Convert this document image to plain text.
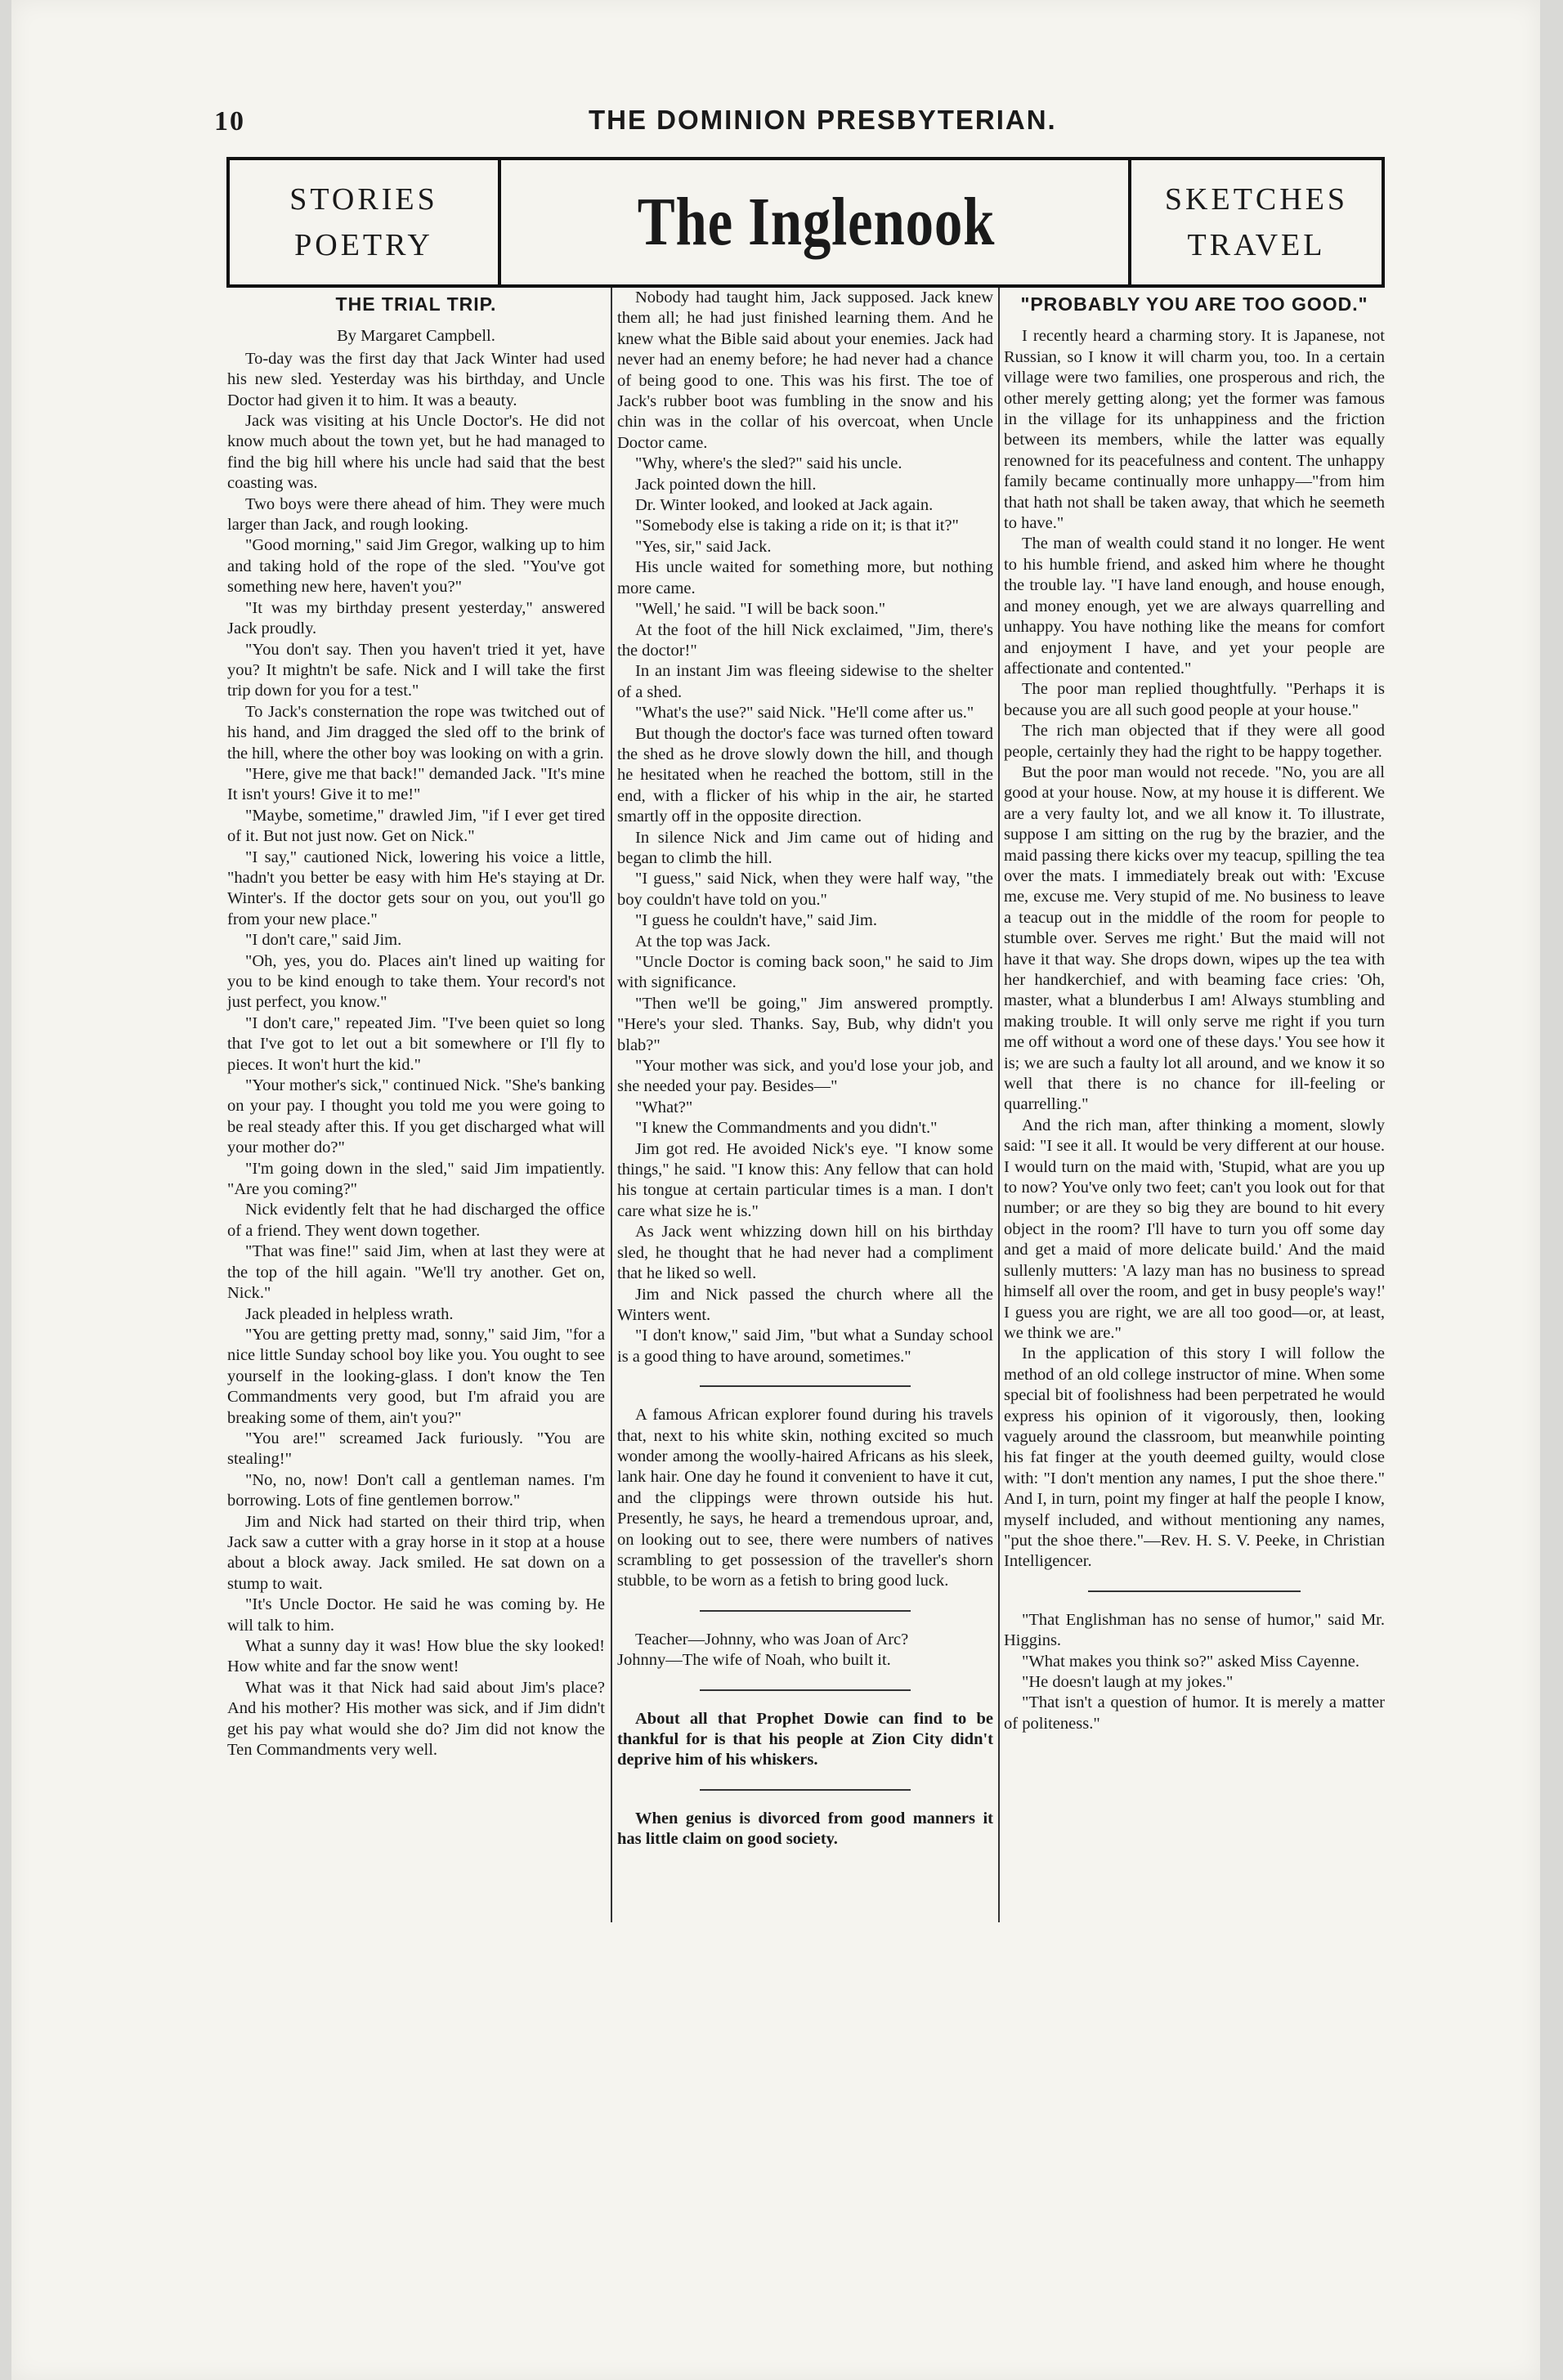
10	THE DOMINION PRESBYTERIAN.
STORIES
POETRY	The Inglenook	SKETCHES
TRAVEL
THE TRIAL TRIP.
By Margaret Campbell.

To-day was the first day that Jack Winter had used his new sled. Yesterday was his birthday, and Uncle Doctor had given it to him. It was a beauty.

Jack was visiting at his Uncle Doctor's. He did not know much about the town yet, but he had managed to find the big hill where his uncle had said that the best coasting was.

Two boys were there ahead of him. They were much larger than Jack, and rough looking.

"Good morning," said Jim Gregor, walking up to him and taking hold of the rope of the sled. "You've got something new here, haven't you?"

"It was my birthday present yesterday," answered Jack proudly.

"You don't say. Then you haven't tried it yet, have you? It mightn't be safe. Nick and I will take the first trip down for you for a test."

To Jack's consternation the rope was twitched out of his hand, and Jim dragged the sled off to the brink of the hill, where the other boy was looking on with a grin.

"Here, give me that back!" demanded Jack. "It's mine It isn't yours! Give it to me!"

"Maybe, sometime," drawled Jim, "if I ever get tired of it. But not just now. Get on Nick."

"I say," cautioned Nick, lowering his voice a little, "hadn't you better be easy with him He's staying at Dr. Winter's. If the doctor gets sour on you, out you'll go from your new place."

"I don't care," said Jim.

"Oh, yes, you do. Places ain't lined up waiting for you to be kind enough to take them. Your record's not just perfect, you know."

"I don't care," repeated Jim. "I've been quiet so long that I've got to let out a bit somewhere or I'll fly to pieces. It won't hurt the kid."

"Your mother's sick," continued Nick. "She's banking on your pay. I thought you told me you were going to be real steady after this. If you get discharged what will your mother do?"

"I'm going down in the sled," said Jim impatiently. "Are you coming?"

Nick evidently felt that he had discharged the office of a friend. They went down together.

"That was fine!" said Jim, when at last they were at the top of the hill again. "We'll try another. Get on, Nick."

Jack pleaded in helpless wrath.

"You are getting pretty mad, sonny," said Jim, "for a nice little Sunday school boy like you. You ought to see yourself in the looking-glass. I don't know the Ten Commandments very good, but I'm afraid you are breaking some of them, ain't you?"

"You are!" screamed Jack furiously. "You are stealing!"

"No, no, now! Don't call a gentleman names. I'm borrowing. Lots of fine gentlemen borrow."

Jim and Nick had started on their third trip, when Jack saw a cutter with a gray horse in it stop at a house about a block away. Jack smiled. He sat down on a stump to wait.

"It's Uncle Doctor. He said he was coming by. He will talk to him.

What a sunny day it was! How blue the sky looked! How white and far the snow went!

What was it that Nick had said about Jim's place? And his mother? His mother was sick, and if Jim didn't get his pay what would she do? Jim did not know the Ten Commandments very well.

Nobody had taught him, Jack supposed. Jack knew them all; he had just finished learning them. And he knew what the Bible said about your enemies. Jack had never had an enemy before; he had never had a chance of being good to one. This was his first. The toe of Jack's rubber boot was fumbling in the snow and his chin was in the collar of his overcoat, when Uncle Doctor came.

"Why, where's the sled?" said his uncle.

Jack pointed down the hill.

Dr. Winter looked, and looked at Jack again.

"Somebody else is taking a ride on it; is that it?"

"Yes, sir," said Jack.

His uncle waited for something more, but nothing more came.

"Well,' he said. "I will be back soon."

At the foot of the hill Nick exclaimed, "Jim, there's the doctor!"

In an instant Jim was fleeing sidewise to the shelter of a shed.

"What's the use?" said Nick. "He'll come after us."

But though the doctor's face was turned often toward the shed as he drove slowly down the hill, and though he hesitated when he reached the bottom, still in the end, with a flicker of his whip in the air, he started smartly off in the opposite direction.

In silence Nick and Jim came out of hiding and began to climb the hill.

"I guess," said Nick, when they were half way, "the boy couldn't have told on you."

"I guess he couldn't have," said Jim.

At the top was Jack.

"Uncle Doctor is coming back soon," he said to Jim with significance.

"Then we'll be going," Jim answered promptly. "Here's your sled. Thanks. Say, Bub, why didn't you blab?"

"Your mother was sick, and you'd lose your job, and she needed your pay. Besides—"

"What?"

"I knew the Commandments and you didn't."

Jim got red. He avoided Nick's eye. "I know some things," he said. "I know this: Any fellow that can hold his tongue at certain particular times is a man. I don't care what size he is."

As Jack went whizzing down hill on his birthday sled, he thought that he had never had a compliment that he liked so well.

Jim and Nick passed the church where all the Winters went.

"I don't know," said Jim, "but what a Sunday school is a good thing to have around, sometimes."

A famous African explorer found during his travels that, next to his white skin, nothing excited so much wonder among the woolly-haired Africans as his sleek, lank hair. One day he found it convenient to have it cut, and the clippings were thrown outside his hut. Presently, he says, he heard a tremendous uproar, and, on looking out to see, there were numbers of natives scrambling to get possession of the traveller's shorn stubble, to be worn as a fetish to bring good luck.

Teacher—Johnny, who was Joan of Arc?

Johnny—The wife of Noah, who built it.

About all that Prophet Dowie can find to be thankful for is that his people at Zion City didn't deprive him of his whiskers.

When genius is divorced from good manners it has little claim on good society.

"PROBABLY YOU ARE TOO GOOD."

I recently heard a charming story. It is Japanese, not Russian, so I know it will charm you, too. In a certain village were two families, one prosperous and rich, the other merely getting along; yet the former was famous in the village for its unhappiness and the friction between its members, while the latter was equally renowned for its peacefulness and content. The unhappy family became continually more unhappy—"from him that hath not shall be taken away, that which he seemeth to have."

The man of wealth could stand it no longer. He went to his humble friend, and asked him where he thought the trouble lay. "I have land enough, and house enough, and money enough, yet we are always quarrelling and unhappy. You have nothing like the means for comfort and enjoyment I have, and yet your people are affectionate and contented."

The poor man replied thoughtfully. "Perhaps it is because you are all such good people at your house."

The rich man objected that if they were all good people, certainly they had the right to be happy together.

But the poor man would not recede. "No, you are all good at your house. Now, at my house it is different. We are a very faulty lot, and we all know it. To illustrate, suppose I am sitting on the rug by the brazier, and the maid passing there kicks over my teacup, spilling the tea over the mats. I immediately break out with: 'Excuse me, excuse me. Very stupid of me. No business to leave a teacup out in the middle of the room for people to stumble over. Serves me right.' But the maid will not have it that way. She drops down, wipes up the tea with her handkerchief, and with beaming face cries: 'Oh, master, what a blunderbus I am! Always stumbling and making trouble. It will only serve me right if you turn me off without a word one of these days.' You see how it is; we are such a faulty lot all around, and we know it so well that there is no chance for ill-feeling or quarrelling."

And the rich man, after thinking a moment, slowly said: "I see it all. It would be very different at our house. I would turn on the maid with, 'Stupid, what are you up to now? You've only two feet; can't you look out for that number; or are they so big they are bound to hit every object in the room? I'll have to turn you off some day and get a maid of more delicate build.' And the maid sullenly mutters: 'A lazy man has no business to spread himself all over the room, and get in busy people's way!' I guess you are right, we are all too good—or, at least, we think we are."

In the application of this story I will follow the method of an old college instructor of mine. When some special bit of foolishness had been perpetrated he would express his opinion of it vigorously, then, looking vaguely around the classroom, but meanwhile pointing his fat finger at the youth deemed guilty, would close with: "I don't mention any names, I put the shoe there." And I, in turn, point my finger at half the people I know, myself included, and without mentioning any names, "put the shoe there."—Rev. H. S. V. Peeke, in Christian Intelligencer.

"That Englishman has no sense of humor," said Mr. Higgins.

"What makes you think so?" asked Miss Cayenne.

"He doesn't laugh at my jokes."

"That isn't a question of humor. It is merely a matter of politeness."
